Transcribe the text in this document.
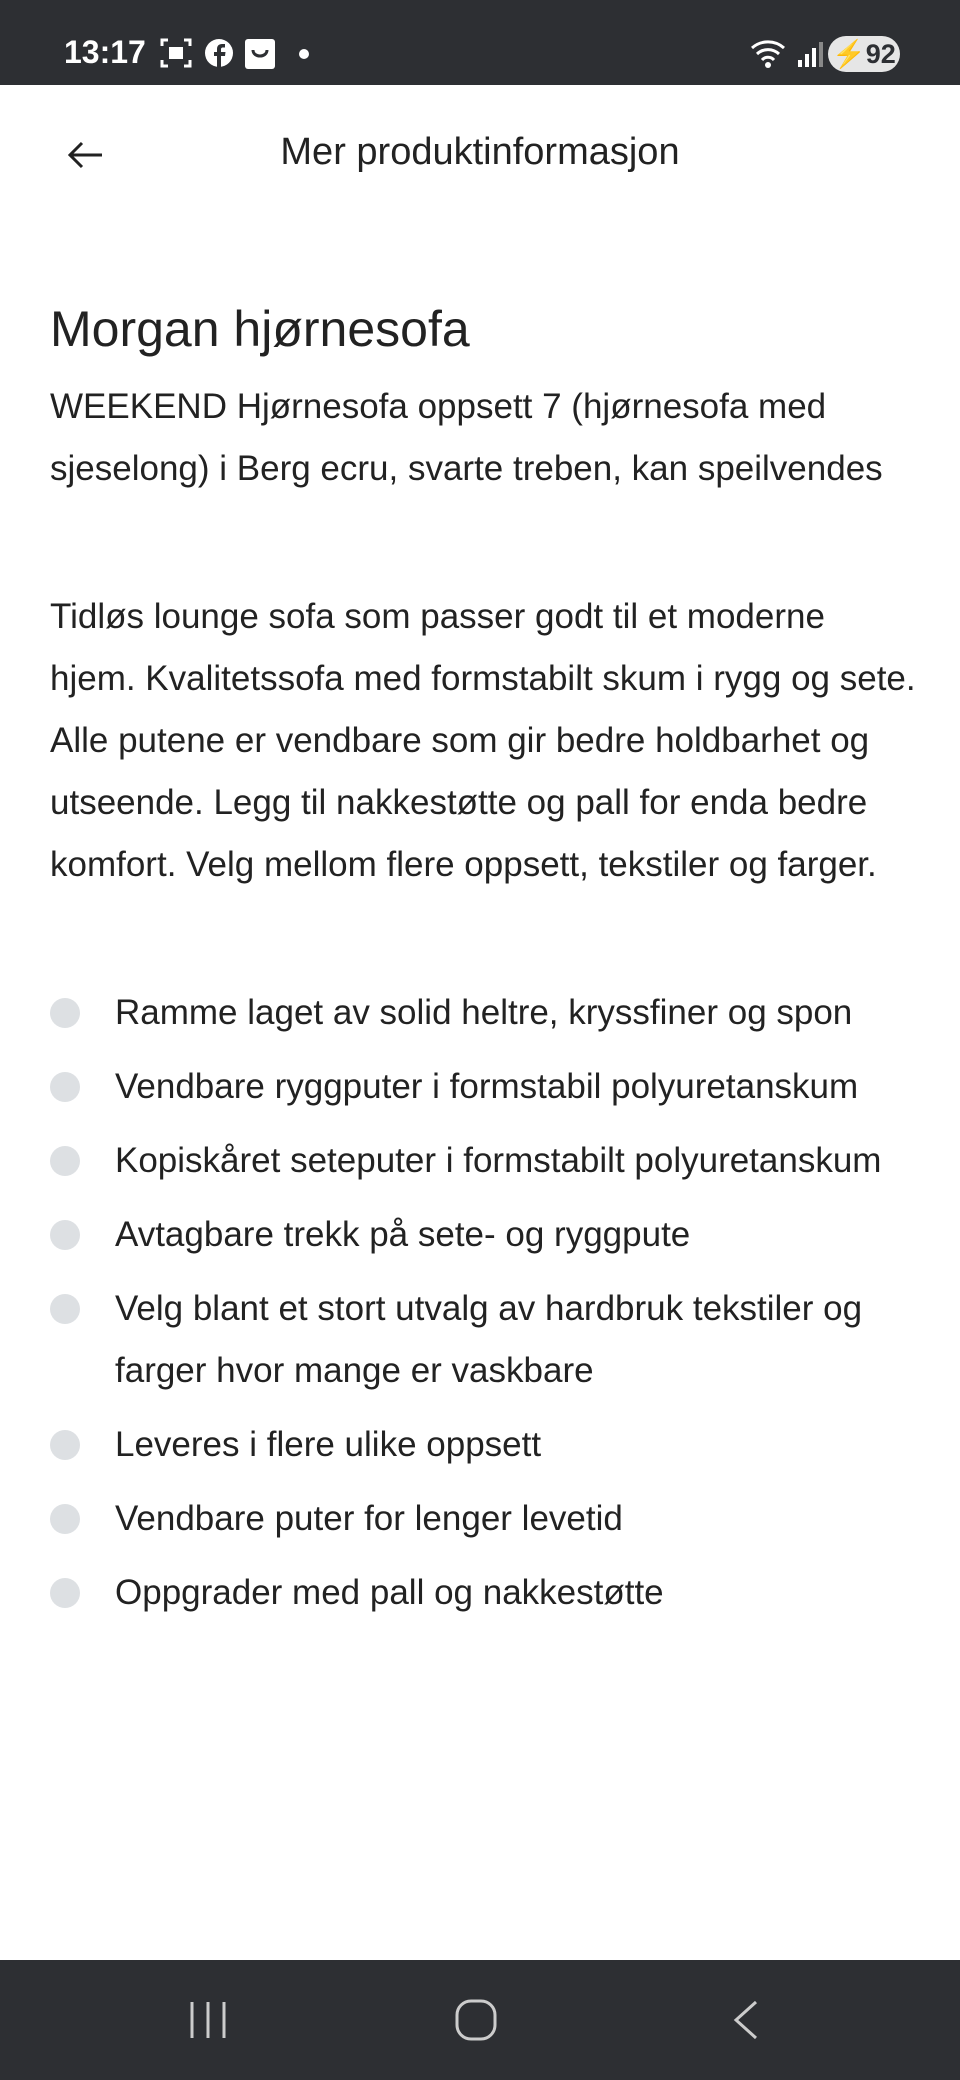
13:17	⚡92
Mer produktinformasjon
Morgan hjørnesofa

WEEKEND Hjørnesofa oppsett 7 (hjørnesofa med sjeselong) i Berg ecru, svarte treben, kan speilvendes

Tidløs lounge sofa som passer godt til et moderne hjem. Kvalitetssofa med formstabilt skum i rygg og sete. Alle putene er vendbare som gir bedre holdbarhet og utseende. Legg til nakkestøtte og pall for enda bedre komfort. Velg mellom flere oppsett, tekstiler og farger.

Ramme laget av solid heltre, kryssfiner og spon
Vendbare ryggputer i formstabil polyuretanskum
Kopiskåret seteputer i formstabilt polyuretanskum
Avtagbare trekk på sete- og ryggpute
Velg blant et stort utvalg av hardbruk tekstiler og farger hvor mange er vaskbare
Leveres i flere ulike oppsett
Vendbare puter for lenger levetid
Oppgrader med pall og nakkestøtte
